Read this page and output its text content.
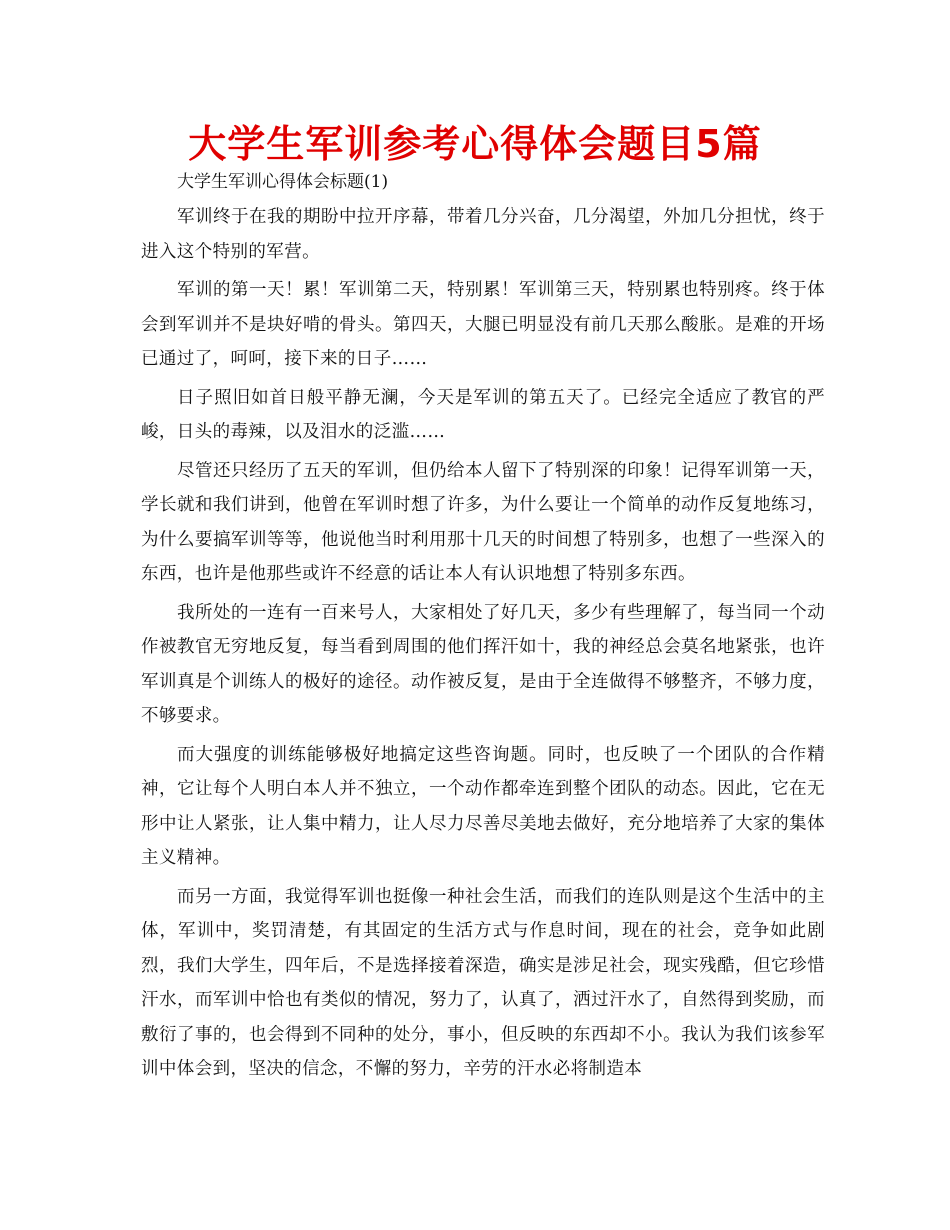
大学生军训参考心得体会题目5篇

大学生军训心得体会标题(1)

军训终于在我的期盼中拉开序幕，带着几分兴奋，几分渴望，外加几分担忧，终于进入这个特别的军营。

军训的第一天！累！军训第二天，特别累！军训第三天，特别累也特别疼。终于体会到军训并不是块好啃的骨头。第四天，大腿已明显没有前几天那么酸胀。是难的开场已通过了，呵呵，接下来的日子……

日子照旧如首日般平静无澜，今天是军训的第五天了。已经完全适应了教官的严峻，日头的毒辣，以及泪水的泛滥……

尽管还只经历了五天的军训，但仍给本人留下了特别深的印象！记得军训第一天，学长就和我们讲到，他曾在军训时想了许多，为什么要让一个简单的动作反复地练习，为什么要搞军训等等，他说他当时利用那十几天的时间想了特别多，也想了一些深入的东西，也许是他那些或许不经意的话让本人有认识地想了特别多东西。

我所处的一连有一百来号人，大家相处了好几天，多少有些理解了，每当同一个动作被教官无穷地反复，每当看到周围的他们挥汗如十，我的神经总会莫名地紧张，也许军训真是个训练人的极好的途径。动作被反复，是由于全连做得不够整齐，不够力度，不够要求。

而大强度的训练能够极好地搞定这些咨询题。同时，也反映了一个团队的合作精神，它让每个人明白本人并不独立，一个动作都牵连到整个团队的动态。因此，它在无形中让人紧张，让人集中精力，让人尽力尽善尽美地去做好，充分地培养了大家的集体主义精神。

而另一方面，我觉得军训也挺像一种社会生活，而我们的连队则是这个生活中的主体，军训中，奖罚清楚，有其固定的生活方式与作息时间，现在的社会，竞争如此剧烈，我们大学生，四年后，不是选择接着深造，确实是涉足社会，现实残酷，但它珍惜汗水，而军训中恰也有类似的情况，努力了，认真了，洒过汗水了，自然得到奖励，而敷衍了事的，也会得到不同种的处分，事小，但反映的东西却不小。我认为我们该参军训中体会到，坚决的信念，不懈的努力，辛劳的汗水必将制造本
